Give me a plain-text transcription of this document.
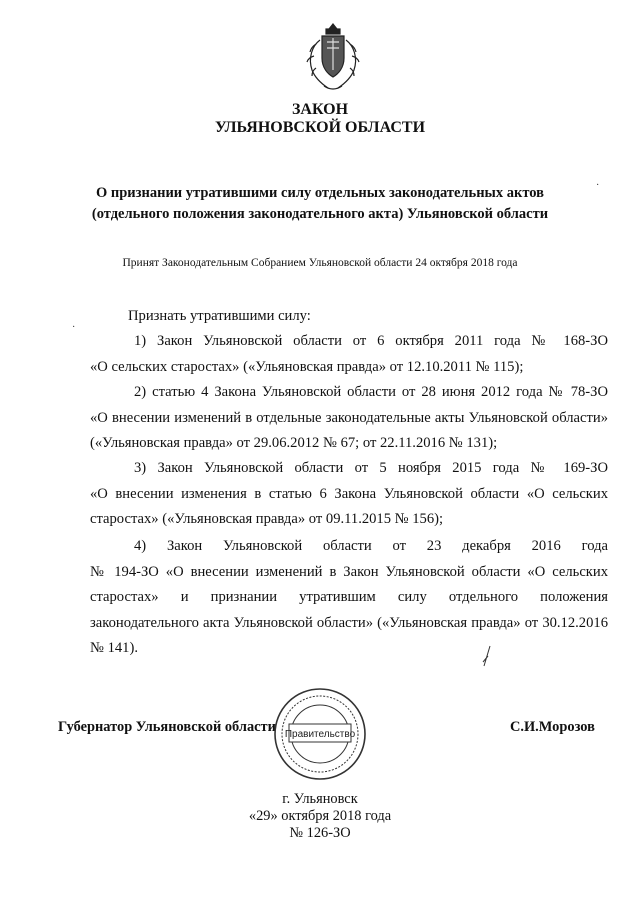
ЗАКОН
УЛЬЯНОВСКОЙ ОБЛАСТИ
О признании утратившими силу отдельных законодательных актов
(отдельного положения законодательного акта) Ульяновской области
Принят Законодательным Собранием Ульяновской области 24 октября 2018 года
Признать утратившими силу:
1) Закон Ульяновской области от 6 октября 2011 года № 168-ЗО
«О сельских старостах» («Ульяновская правда» от 12.10.2011 № 115);
2) статью 4 Закона Ульяновской области от 28 июня 2012 года № 78-ЗО
«О внесении изменений в отдельные законодательные акты Ульяновской области» («Ульяновская правда» от 29.06.2012 № 67; от 22.11.2016 № 131);
3) Закон Ульяновской области от 5 ноября 2015 года № 169-ЗО
«О внесении изменения в статью 6 Закона Ульяновской области «О сельских старостах» («Ульяновская правда» от 09.11.2015 № 156);
4) Закон Ульяновской области от 23 декабря 2016 года
№ 194-ЗО «О внесении изменений в Закон Ульяновской области «О сельских старостах» и признании утратившим силу отдельного положения законодательного акта Ульяновской области» («Ульяновская правда» от 30.12.2016 № 141).
·
·
Губернатор Ульяновской области	С.И.Морозов
Правительство
г. Ульяновск
«29» октября 2018 года
№ 126-ЗО
